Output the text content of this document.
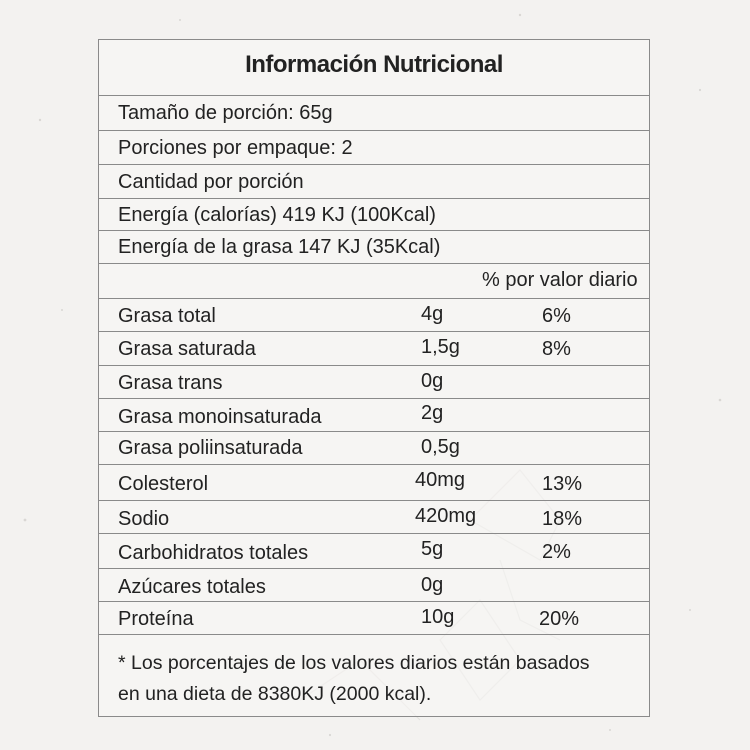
Información Nutricional
Tamaño de porción: 65g
Porciones por empaque: 2
Cantidad por porción
Energía (calorías) 419 KJ (100Kcal)
Energía de la grasa 147 KJ (35Kcal)
% por valor diario
Grasa total	4g	6%
Grasa saturada	1,5g	8%
Grasa trans	0g
Grasa monoinsaturada	2g
Grasa poliinsaturada	0,5g
Colesterol	40mg	13%
Sodio	420mg	18%
Carbohidratos totales	5g	2%
Azúcares totales	0g
Proteína	10g	20%
* Los porcentajes de los valores diarios están basados
en una dieta de 8380KJ (2000 kcal).
